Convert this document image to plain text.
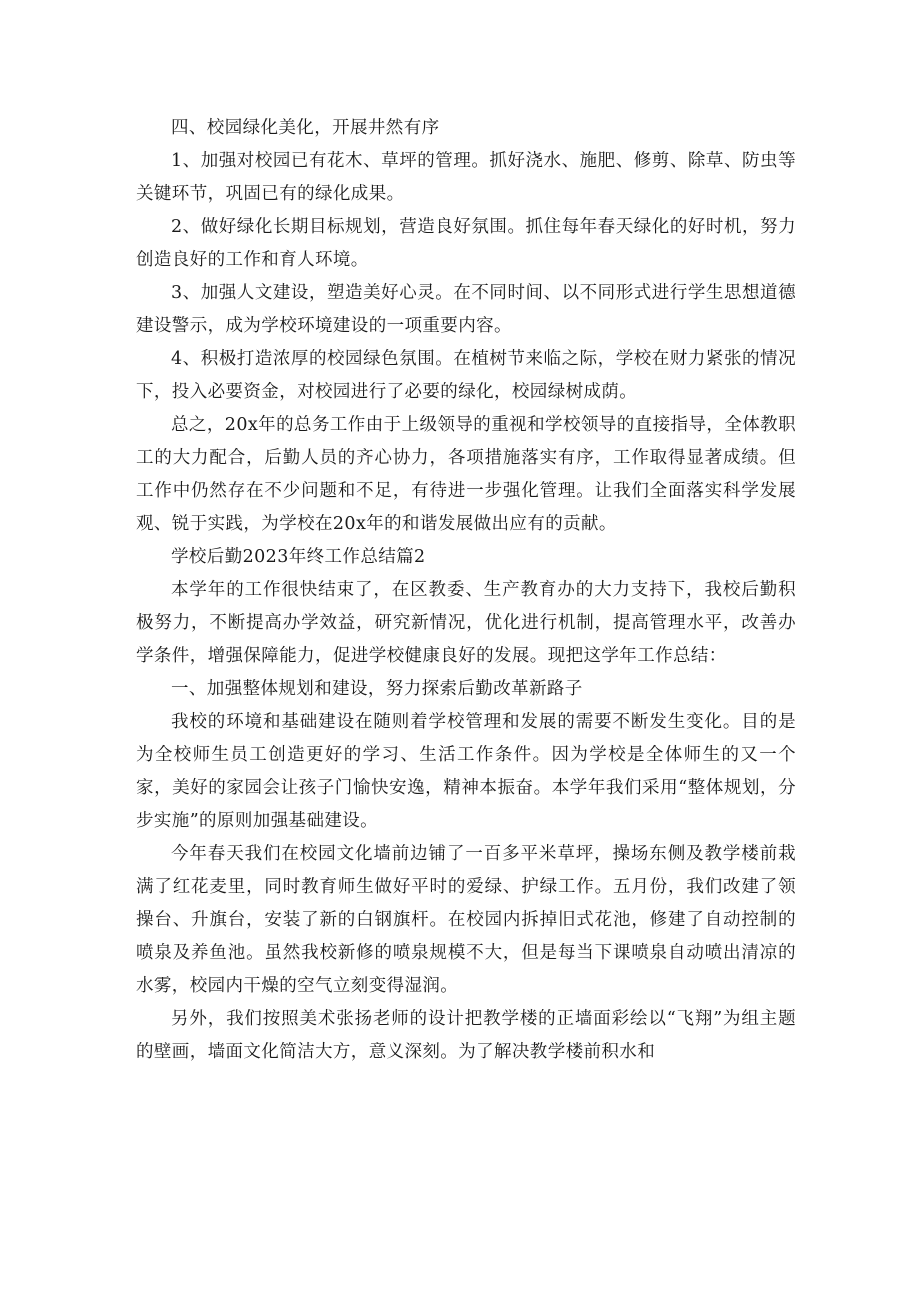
四、校园绿化美化，开展井然有序

1、加强对校园已有花木、草坪的管理。抓好浇水、施肥、修剪、除草、防虫等关键环节，巩固已有的绿化成果。

2、做好绿化长期目标规划，营造良好氛围。抓住每年春天绿化的好时机，努力创造良好的工作和育人环境。

3、加强人文建设，塑造美好心灵。在不同时间、以不同形式进行学生思想道德建设警示，成为学校环境建设的一项重要内容。

4、积极打造浓厚的校园绿色氛围。在植树节来临之际，学校在财力紧张的情况下，投入必要资金，对校园进行了必要的绿化，校园绿树成荫。

总之，20x年的总务工作由于上级领导的重视和学校领导的直接指导，全体教职工的大力配合，后勤人员的齐心协力，各项措施落实有序，工作取得显著成绩。但工作中仍然存在不少问题和不足，有待进一步强化管理。让我们全面落实科学发展观、锐于实践，为学校在20x年的和谐发展做出应有的贡献。

学校后勤2023年终工作总结篇2

本学年的工作很快结束了，在区教委、生产教育办的大力支持下，我校后勤积极努力，不断提高办学效益，研究新情况，优化进行机制，提高管理水平，改善办学条件，增强保障能力，促进学校健康良好的发展。现把这学年工作总结：

一、加强整体规划和建设，努力探索后勤改革新路子

我校的环境和基础建设在随则着学校管理和发展的需要不断发生变化。目的是为全校师生员工创造更好的学习、生活工作条件。因为学校是全体师生的又一个家，美好的家园会让孩子门愉快安逸，精神本振奋。本学年我们采用“整体规划，分步实施”的原则加强基础建设。

今年春天我们在校园文化墙前边铺了一百多平米草坪，操场东侧及教学楼前栽满了红花麦里，同时教育师生做好平时的爱绿、护绿工作。五月份，我们改建了领操台、升旗台，安装了新的白钢旗杆。在校园内拆掉旧式花池，修建了自动控制的喷泉及养鱼池。虽然我校新修的喷泉规模不大，但是每当下课喷泉自动喷出清凉的水雾，校园内干燥的空气立刻变得湿润。

另外，我们按照美术张扬老师的设计把教学楼的正墙面彩绘以“飞翔”为组主题的壁画，墙面文化简洁大方，意义深刻。为了解决教学楼前积水和
